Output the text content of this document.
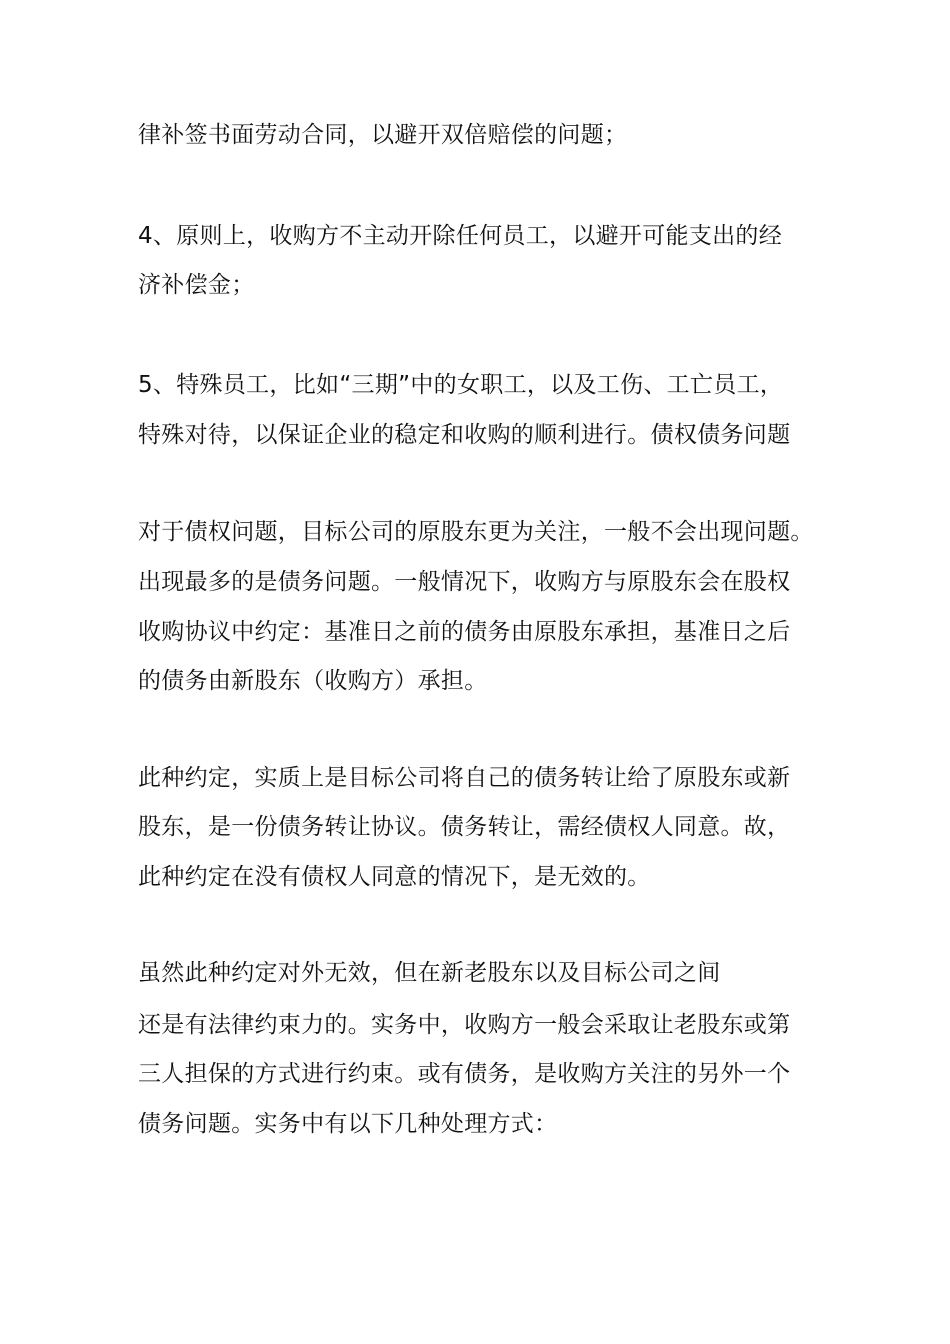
律补签书面劳动合同，以避开双倍赔偿的问题；
4、原则上，收购方不主动开除任何员工，以避开可能支出的经
济补偿金；
5、特殊员工，比如“三期”中的女职工，以及工伤、工亡员工，
特殊对待，以保证企业的稳定和收购的顺利进行。债权债务问题
对于债权问题，目标公司的原股东更为关注，一般不会出现问题。
出现最多的是债务问题。一般情况下，收购方与原股东会在股权
收购协议中约定：基准日之前的债务由原股东承担，基准日之后
的债务由新股东（收购方）承担。
此种约定，实质上是目标公司将自己的债务转让给了原股东或新
股东，是一份债务转让协议。债务转让，需经债权人同意。故，
此种约定在没有债权人同意的情况下，是无效的。
虽然此种约定对外无效，但在新老股东以及目标公司之间
还是有法律约束力的。实务中，收购方一般会采取让老股东或第
三人担保的方式进行约束。或有债务，是收购方关注的另外一个
债务问题。实务中有以下几种处理方式：
